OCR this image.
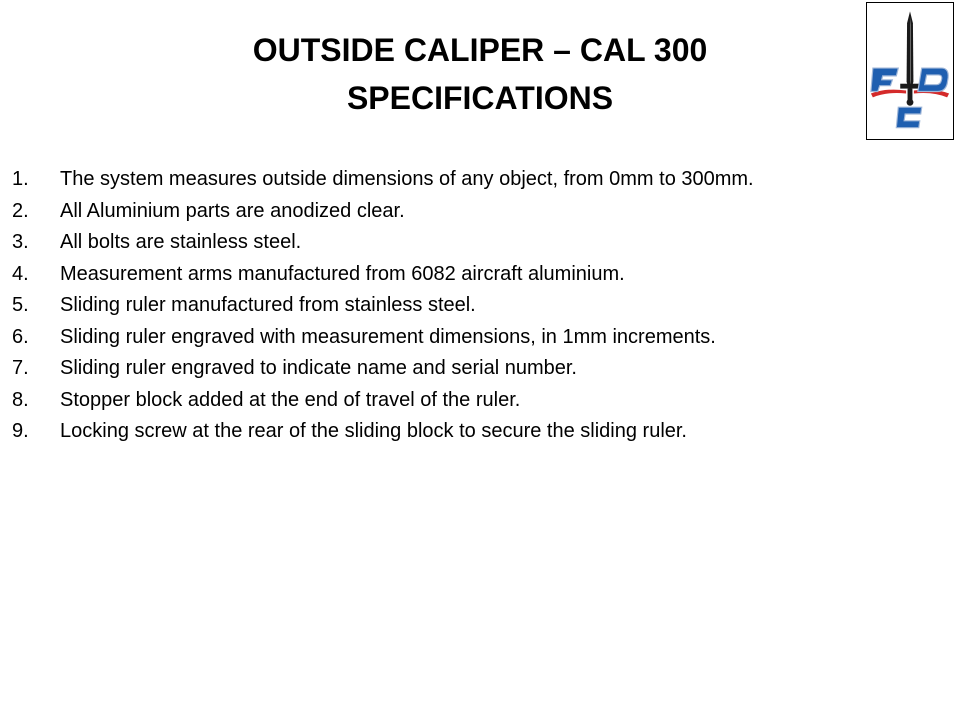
OUTSIDE CALIPER – CAL 300
SPECIFICATIONS
1.	The system measures outside dimensions of any object, from 0mm to 300mm.
2.	All Aluminium parts are anodized clear.
3.	All bolts are stainless steel.
4.	Measurement arms manufactured from 6082 aircraft aluminium.
5.	Sliding ruler manufactured from stainless steel.
6.	Sliding ruler engraved with measurement dimensions, in 1mm increments.
7.	Sliding ruler engraved to indicate name and serial number.
8.	Stopper block added at the end of travel of the ruler.
9.	Locking screw at the rear of the sliding block to secure the sliding ruler.
